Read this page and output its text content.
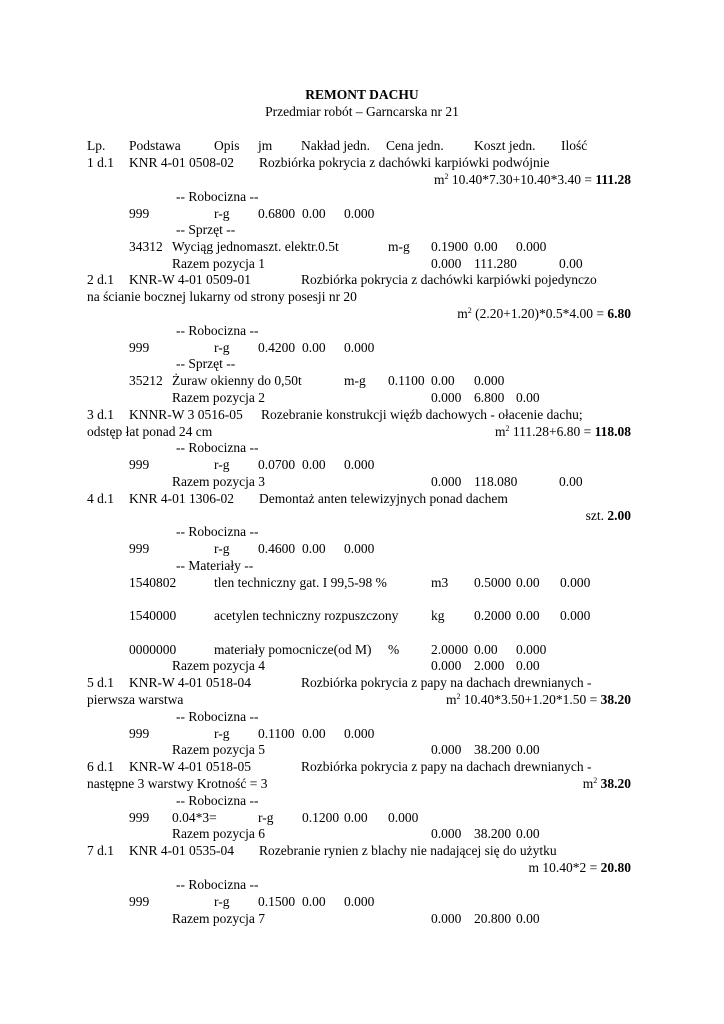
REMONT DACHU
Przedmiar robót – Garncarska nr 21
Lp. Podstawa Opis jm Nakład jedn. Cena jedn. Koszt jedn. Ilość
1 d.1 KNR 4-01 0508-02 Rozbiórka pokrycia z dachówki karpiówki podwójnie
$m^2$ 10.40*7.30+10.40*3.40 = 111.28
-- Robocizna --
999	r-g 0.6800 0.00 0.000
-- Sprzęt --
34312 Wyciąg jednomaszt. elektr.0.5t	m-g 0.1900 0.00 0.000
Razem pozycja 1	0.000 111.280	0.00
2 d.1 KNR-W 4-01 0509-01	Rozbiórka pokrycia z dachówki karpiówki pojedynczo
na ścianie bocznej lukarny od strony posesji nr 20
$m^2$ (2.20+1.20)*0.5*4.00 = 6.80
-- Robocizna --
999	r-g 0.4200 0.00 0.000
-- Sprzęt --
35212 Żuraw okienny do 0,50t	m-g 0.1100 0.00 0.000
Razem pozycja 2	0.000 6.800 0.00
3 d.1 KNNR-W 3 0516-05 Rozebranie konstrukcji więźb dachowych - ołacenie dachu;
odstęp łat ponad 24 cm	$m^2$ 111.28+6.80 = 118.08
-- Robocizna --
999	r-g 0.0700 0.00 0.000
Razem pozycja 3	0.000 118.080	0.00
4 d.1 KNR 4-01 1306-02 Demontaż anten telewizyjnych ponad dachem
szt. 2.00
-- Robocizna --
999	r-g 0.4600 0.00 0.000
-- Materiały --
1540802	tlen techniczny gat. I 99,5-98 %	m3 0.5000 0.00 0.000
1540000	acetylen techniczny rozpuszczony kg 0.2000 0.00 0.000
0000000	materiały pomocnicze(od M) % 2.0000 0.00 0.000
Razem pozycja 4	0.000 2.000 0.00
5 d.1 KNR-W 4-01 0518-04	Rozbiórka pokrycia z papy na dachach drewnianych -
pierwsza warstwa	$m^2$ 10.40*3.50+1.20*1.50 = 38.20
-- Robocizna --
999	r-g 0.1100 0.00 0.000
Razem pozycja 5	0.000 38.200 0.00
6 d.1 KNR-W 4-01 0518-05	Rozbiórka pokrycia z papy na dachach drewnianych -
następne 3 warstwy Krotność = 3	$m^2$ 38.20
-- Robocizna --
999 0.04*3=	r-g 0.1200 0.00 0.000
Razem pozycja 6	0.000 38.200 0.00
7 d.1 KNR 4-01 0535-04 Rozebranie rynien z blachy nie nadającej się do użytku
m 10.40*2 = 20.80
-- Robocizna --
999	r-g 0.1500 0.00 0.000
Razem pozycja 7	0.000 20.800 0.00
